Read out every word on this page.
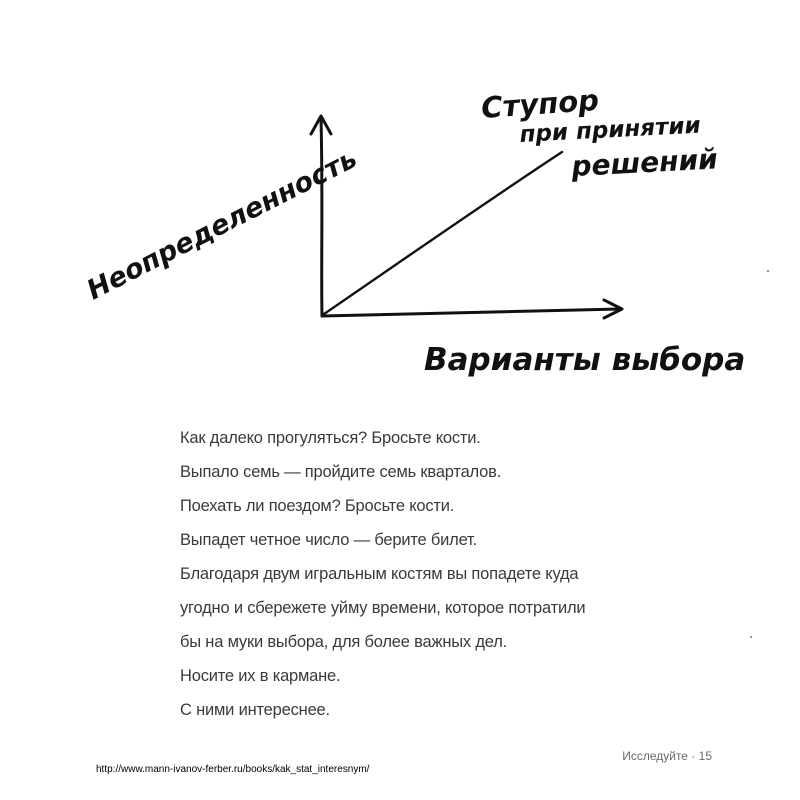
Неопределенность
Варианты выбора
Ступор
при принятии
решений
Как далеко прогуляться? Бросьте кости.
Выпало семь — пройдите семь кварталов.
Поехать ли поездом? Бросьте кости.
Выпадет четное число — берите билет.
Благодаря двум игральным костям вы попадете куда
угодно и сбережете уйму времени, которое потратили
бы на муки выбора, для более важных дел.
Носите их в кармане.
С ними интереснее.
Исследуйте · 15
http://www.mann-ivanov-ferber.ru/books/kak_stat_interesnym/
